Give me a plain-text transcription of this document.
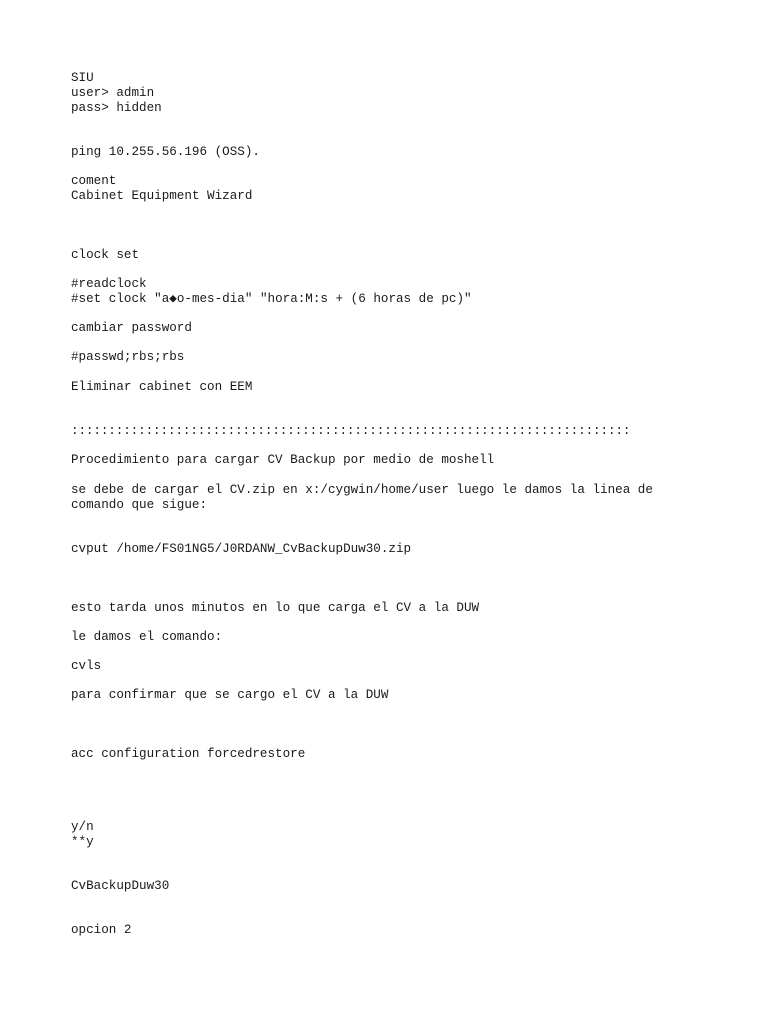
SIU

user> admin

pass> hidden

ping 10.255.56.196 (OSS).

coment

Cabinet Equipment Wizard

clock set

#readclock

#set clock "a◆o-mes-dia" "hora:M:s + (6 horas de pc)"

cambiar password

#passwd;rbs;rbs

Eliminar cabinet con EEM

:::::::::::::::::::::::::::::::::::::::::::::::::::::::::::::::::::::::::::

Procedimiento para cargar CV Backup por medio de moshell

se debe de cargar el CV.zip en x:/cygwin/home/user luego le damos la linea de

comando que sigue:

cvput /home/FS01NG5/J0RDANW_CvBackupDuw30.zip

esto tarda unos minutos en lo que carga el CV a la DUW

le damos el comando:

cvls

para confirmar que se cargo el CV a la DUW

acc configuration forcedrestore

y/n

**y

CvBackupDuw30

opcion 2
